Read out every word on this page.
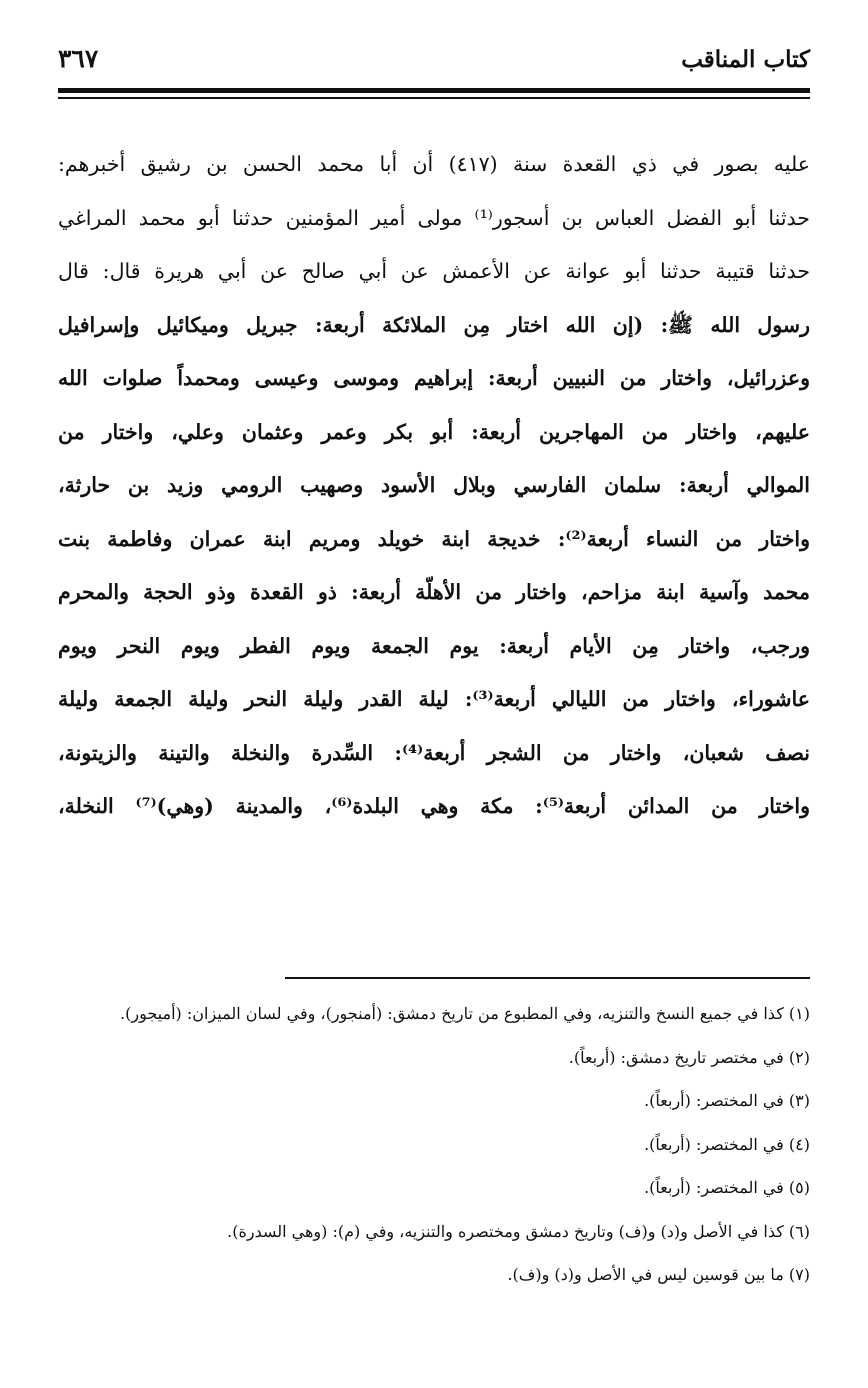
كتاب المناقب
٣٦٧
عليه بصور في ذي القعدة سنة (٤١٧) أن أبا محمد الحسن بن رشيق أخبرهم:
حدثنا أبو الفضل العباس بن أسجور⁽¹⁾ مولى أمير المؤمنين حدثنا أبو محمد المراغي
حدثنا قتيبة حدثنا أبو عوانة عن الأعمش عن أبي صالح عن أبي هريرة قال: قال
رسول الله ﷺ: (إن الله اختار مِن الملائكة أربعة: جبريل وميكائيل وإسرافيل
وعزرائيل، واختار من النبيين أربعة: إبراهيم وموسى وعيسى ومحمداً صلوات الله
عليهم، واختار من المهاجرين أربعة: أبو بكر وعمر وعثمان وعلي، واختار من
الموالي أربعة: سلمان الفارسي وبلال الأسود وصهيب الرومي وزيد بن حارثة،
واختار من النساء أربعة⁽²⁾: خديجة ابنة خويلد ومريم ابنة عمران وفاطمة بنت
محمد وآسية ابنة مزاحم، واختار من الأهلّة أربعة: ذو القعدة وذو الحجة والمحرم
ورجب، واختار مِن الأيام أربعة: يوم الجمعة ويوم الفطر ويوم النحر ويوم
عاشوراء، واختار من الليالي أربعة⁽³⁾: ليلة القدر وليلة النحر وليلة الجمعة وليلة
نصف شعبان، واختار من الشجر أربعة⁽⁴⁾: السِّدرة والنخلة والتينة والزيتونة،
واختار من المدائن أربعة⁽⁵⁾: مكة وهي البلدة⁽⁶⁾، والمدينة (وهي)⁽⁷⁾ النخلة،
(١) كذا في جميع النسخ والتنزيه، وفي المطبوع من تاريخ دمشق: (أمنجور)، وفي لسان الميزان: (أميجور).
(٢) في مختصر تاريخ دمشق: (أربعاً).
(٣) في المختصر: (أربعاً).
(٤) في المختصر: (أربعاً).
(٥) في المختصر: (أربعاً).
(٦) كذا في الأصل و(د) و(ف) وتاريخ دمشق ومختصره والتنزيه، وفي (م): (وهي السدرة).
(٧) ما بين قوسين ليس في الأصل و(د) و(ف).
